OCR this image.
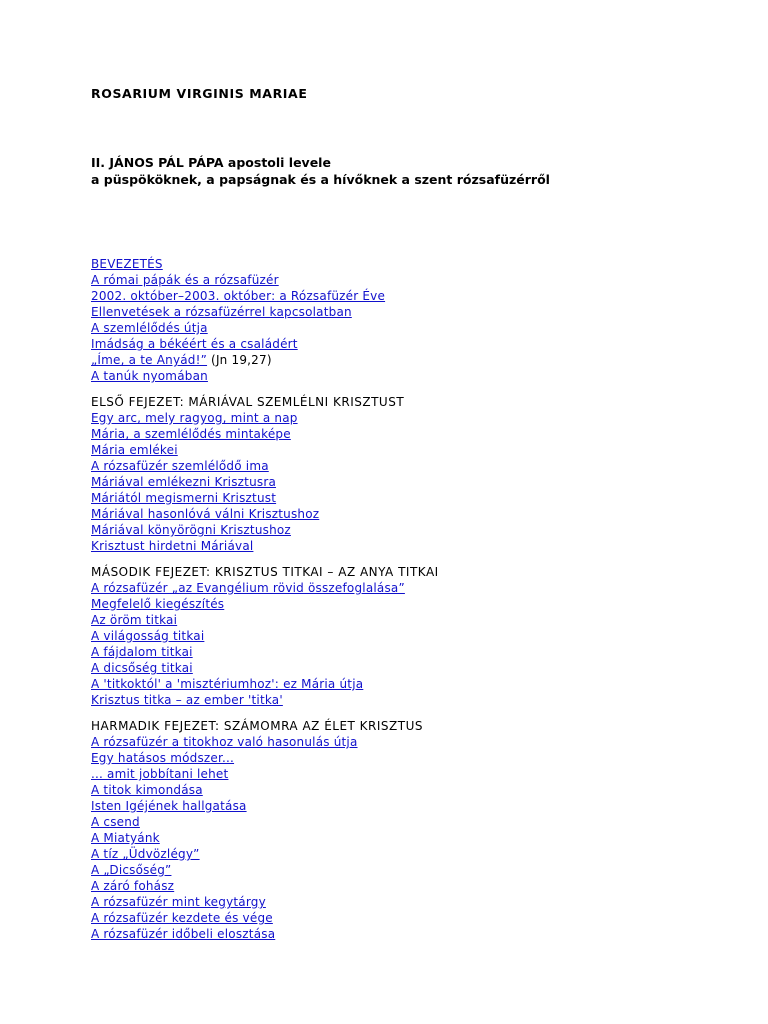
ROSARIUM VIRGINIS MARIAE
II. JÁNOS PÁL PÁPA apostoli levele
a püspököknek, a papságnak és a hívőknek a szent rózsafüzérről
BEVEZETÉS
A római pápák és a rózsafüzér
2002. október–2003. október: a Rózsafüzér Éve
Ellenvetések a rózsafüzérrel kapcsolatban
A szemlélődés útja
Imádság a békéért és a családért
„Íme, a te Anyád!” (Jn 19,27)
A tanúk nyomában
ELSŐ FEJEZET: MÁRIÁVAL SZEMLÉLNI KRISZTUST
Egy arc, mely ragyog, mint a nap
Mária, a szemlélődés mintaképe
Mária emlékei
A rózsafüzér szemlélődő ima
Máriával emlékezni Krisztusra
Máriától megismerni Krisztust
Máriával hasonlóvá válni Krisztushoz
Máriával könyörögni Krisztushoz
Krisztust hirdetni Máriával
MÁSODIK FEJEZET: KRISZTUS TITKAI – AZ ANYA TITKAI
A rózsafüzér „az Evangélium rövid összefoglalása”
Megfelelő kiegészítés
Az öröm titkai
A világosság titkai
A fájdalom titkai
A dicsőség titkai
A 'titkoktól' a 'misztériumhoz': ez Mária útja
Krisztus titka – az ember 'titka'
HARMADIK FEJEZET: SZÁMOMRA AZ ÉLET KRISZTUS
A rózsafüzér a titokhoz való hasonulás útja
Egy hatásos módszer...
... amit jobbítani lehet
A titok kimondása
Isten Igéjének hallgatása
A csend
A Miatyánk
A tíz „Üdvözlégy”
A „Dicsőség”
A záró fohász
A rózsafüzér mint kegytárgy
A rózsafüzér kezdete és vége
A rózsafüzér időbeli elosztása
